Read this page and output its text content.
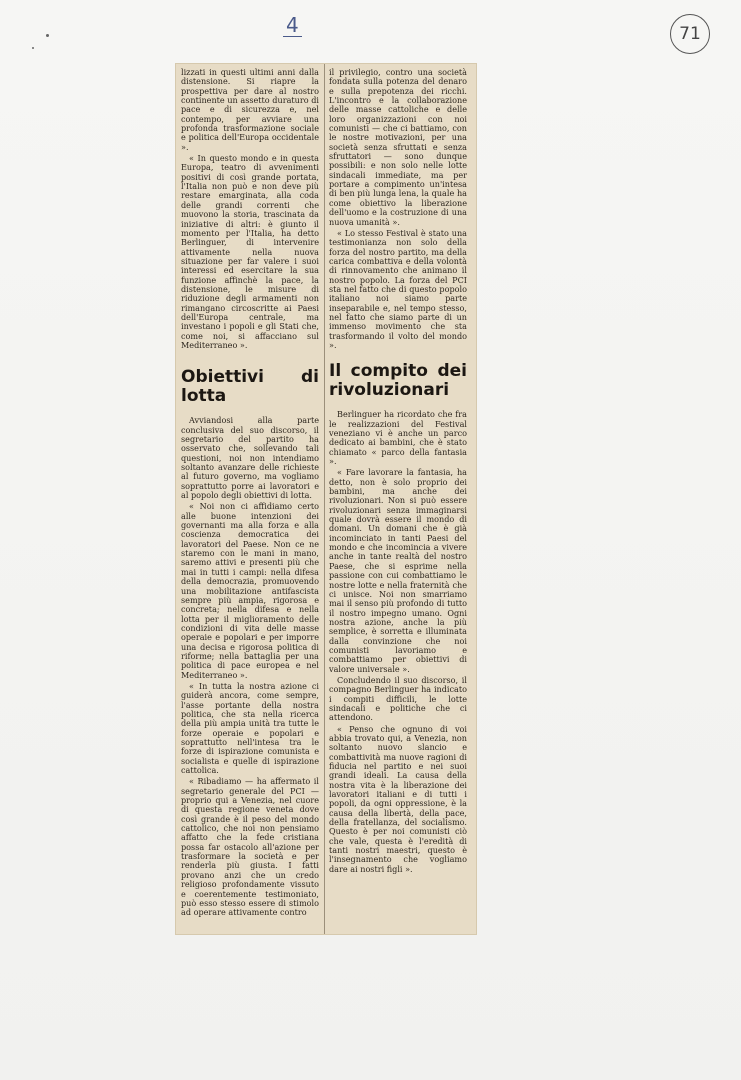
4	71

lizzati in questi ultimi anni dalla distensione. Si riapre la prospettiva per dare al nostro continente un assetto duraturo di pace e di sicurezza e, nel contempo, per avviare una profonda trasformazione sociale e politica dell'Europa occidentale ».

« In questo mondo e in questa Europa, teatro di avvenimenti positivi di così grande portata, l'Italia non può e non deve più restare emarginata, alla coda delle grandi correnti che muovono la storia, trascinata da iniziative di altri: è giunto il momento per l'Italia, ha detto Berlinguer, di intervenire attivamente nella nuova situazione per far valere i suoi interessi ed esercitare la sua funzione affinchè la pace, la distensione, le misure di riduzione degli armamenti non rimangano circoscritte ai Paesi dell'Europa centrale, ma investano i popoli e gli Stati che, come noi, si affacciano sul Mediterraneo ».

Obiettivi di lotta

Avviandosi alla parte conclusiva del suo discorso, il segretario del partito ha osservato che, sollevando tali questioni, noi non intendiamo soltanto avanzare delle richieste al futuro governo, ma vogliamo soprattutto porre ai lavoratori e al popolo degli obiettivi di lotta.

« Noi non ci affidiamo certo alle buone intenzioni dei governanti ma alla forza e alla coscienza democratica dei lavoratori del Paese. Non ce ne staremo con le mani in mano, saremo attivi e presenti più che mai in tutti i campi: nella difesa della democrazia, promuovendo una mobilitazione antifascista sempre più ampia, rigorosa e concreta; nella difesa e nella lotta per il miglioramento delle condizioni di vita delle masse operaie e popolari e per imporre una decisa e rigorosa politica di riforme; nella battaglia per una politica di pace europea e nel Mediterraneo ».

« In tutta la nostra azione ci guiderà ancora, come sempre, l'asse portante della nostra politica, che sta nella ricerca della più ampia unità tra tutte le forze operaie e popolari e soprattutto nell'intesa tra le forze di ispirazione comunista e socialista e quelle di ispirazione cattolica.

« Ribadiamo — ha affermato il segretario generale del PCI — proprio qui a Venezia, nel cuore di questa regione veneta dove così grande è il peso del mondo cattolico, che noi non pensiamo affatto che la fede cristiana possa far ostacolo all'azione per trasformare la società e per renderla più giusta. I fatti provano anzi che un credo religioso profondamente vissuto e coerentemente testimoniato, può esso stesso essere di stimolo ad operare attivamente contro

il privilegio, contro una società fondata sulla potenza del denaro e sulla prepotenza dei ricchi. L'incontro e la collaborazione delle masse cattoliche e delle loro organizzazioni con noi comunisti — che ci battiamo, con le nostre motivazioni, per una società senza sfruttati e senza sfruttatori — sono dunque possibili: e non solo nelle lotte sindacali immediate, ma per portare a compimento un'intesa di ben più lunga lena, la quale ha come obiettivo la liberazione dell'uomo e la costruzione di una nuova umanità ».

« Lo stesso Festival è stato una testimonianza non solo della forza del nostro partito, ma della carica combattiva e della volontà di rinnovamento che animano il nostro popolo. La forza del PCI sta nel fatto che di questo popolo italiano noi siamo parte inseparabile e, nel tempo stesso, nel fatto che siamo parte di un immenso movimento che sta trasformando il volto del mondo ».

Il compito dei rivoluzionari

Berlinguer ha ricordato che fra le realizzazioni del Festival veneziano vi è anche un parco dedicato ai bambini, che è stato chiamato « parco della fantasia ».

« Fare lavorare la fantasia, ha detto, non è solo proprio dei bambini, ma anche dei rivoluzionari. Non si può essere rivoluzionari senza immaginarsi quale dovrà essere il mondo di domani. Un domani che è già incominciato in tanti Paesi del mondo e che incomincia a vivere anche in tante realtà del nostro Paese, che si esprime nella passione con cui combattiamo le nostre lotte e nella fraternità che ci unisce. Noi non smarriamo mai il senso più profondo di tutto il nostro impegno umano. Ogni nostra azione, anche la più semplice, è sorretta e illuminata dalla convinzione che noi comunisti lavoriamo e combattiamo per obiettivi di valore universale ».

Concludendo il suo discorso, il compagno Berlinguer ha indicato i compiti difficili, le lotte sindacali e politiche che ci attendono.

« Penso che ognuno di voi abbia trovato qui, a Venezia, non soltanto nuovo slancio e combattività ma nuove ragioni di fiducia nel partito e nei suoi grandi ideali. La causa della nostra vita è la liberazione dei lavoratori italiani e di tutti i popoli, da ogni oppressione, è la causa della libertà, della pace, della fratellanza, del socialismo. Questo è per noi comunisti ciò che vale, questa è l'eredità di tanti nostri maestri, questo è l'insegnamento che vogliamo dare ai nostri figli ».
